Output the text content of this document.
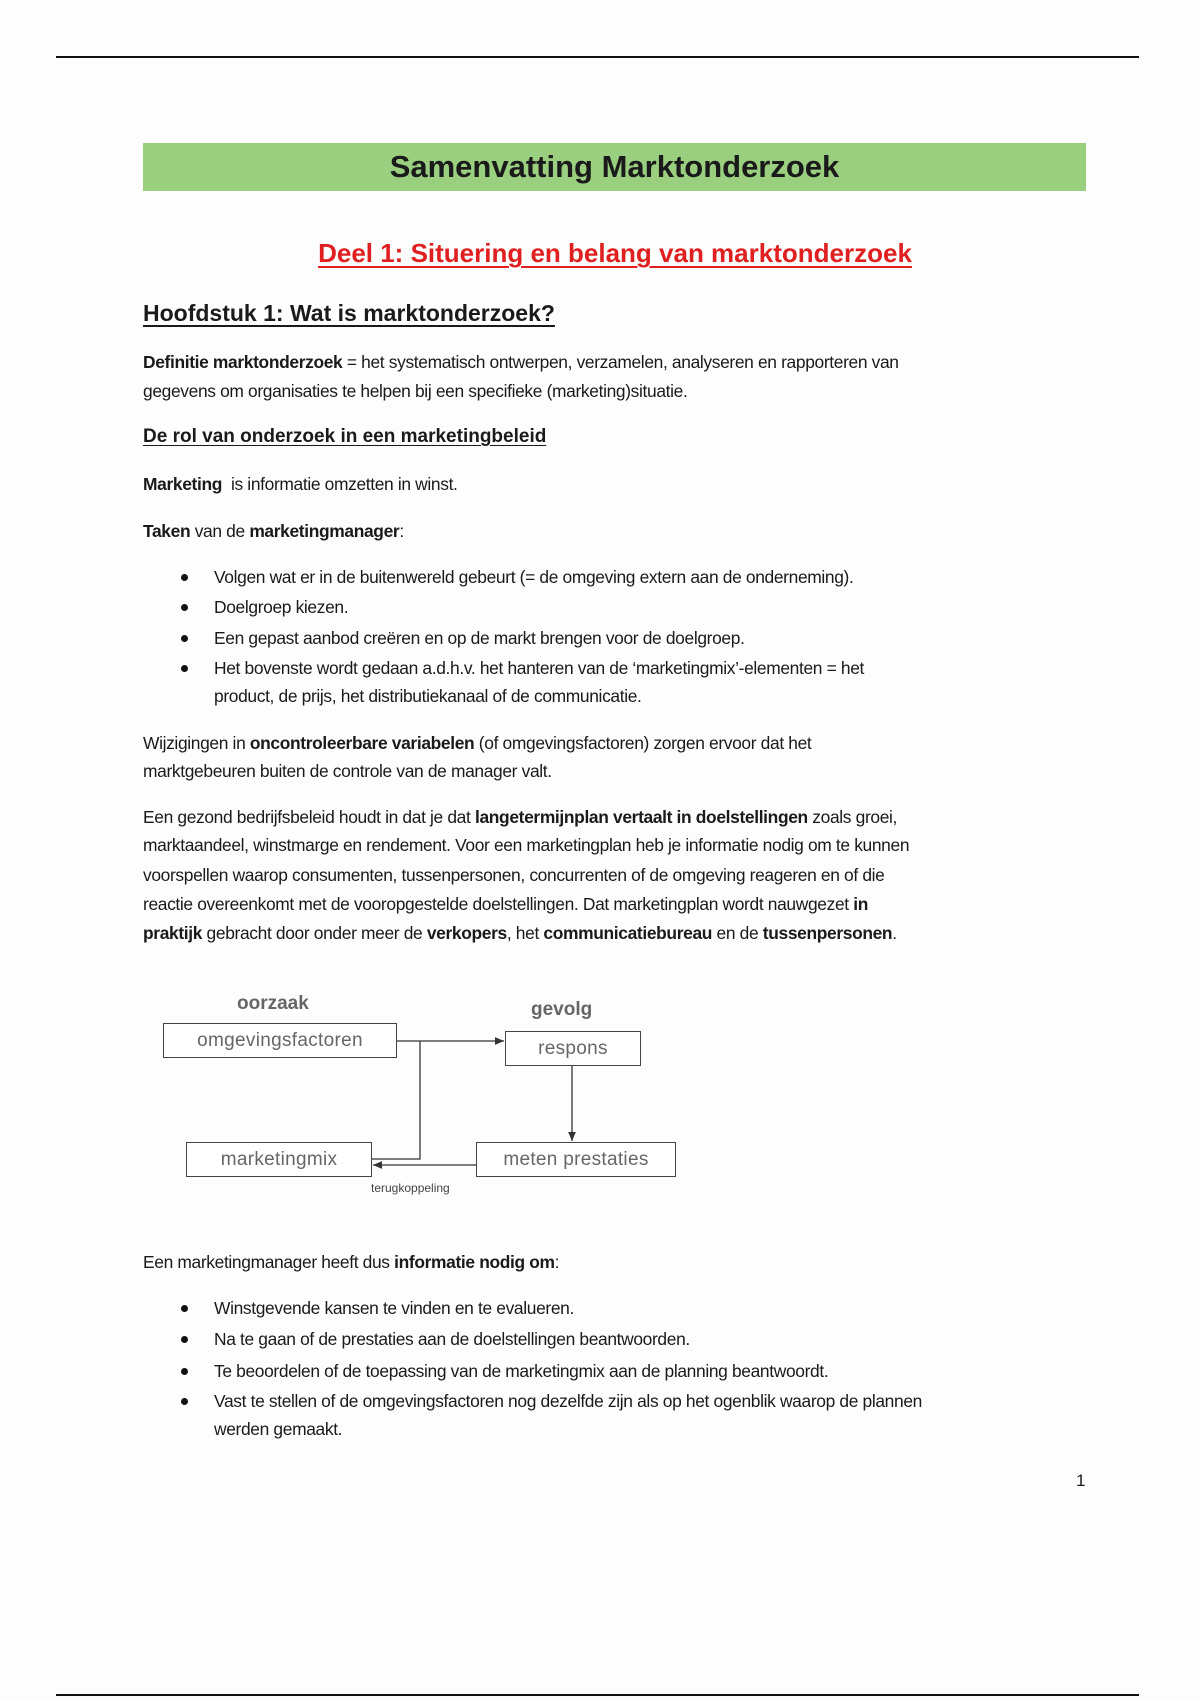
Samenvatting Marktonderzoek
Deel 1: Situering en belang van marktonderzoek
Hoofdstuk 1: Wat is marktonderzoek?
Definitie marktonderzoek = het systematisch ontwerpen, verzamelen, analyseren en rapporteren van
gegevens om organisaties te helpen bij een specifieke (marketing)situatie.
De rol van onderzoek in een marketingbeleid
Marketing  is informatie omzetten in winst.
Taken van de marketingmanager:
Volgen wat er in de buitenwereld gebeurt (= de omgeving extern aan de onderneming).
Doelgroep kiezen.
Een gepast aanbod creëren en op de markt brengen voor de doelgroep.
Het bovenste wordt gedaan a.d.h.v. het hanteren van de ‘marketingmix’-elementen = het
product, de prijs, het distributiekanaal of de communicatie.
Wijzigingen in oncontroleerbare variabelen (of omgevingsfactoren) zorgen ervoor dat het
marktgebeuren buiten de controle van de manager valt.
Een gezond bedrijfsbeleid houdt in dat je dat langetermijnplan vertaalt in doelstellingen zoals groei,
marktaandeel, winstmarge en rendement. Voor een marketingplan heb je informatie nodig om te kunnen
voorspellen waarop consumenten, tussenpersonen, concurrenten of de omgeving reageren en of die
reactie overeenkomt met de vooropgestelde doelstellingen. Dat marketingplan wordt nauwgezet in
praktijk gebracht door onder meer de verkopers, het communicatiebureau en de tussenpersonen.
oorzaak	gevolg
omgevingsfactoren	respons
marketingmix	meten prestaties
terugkoppeling
Een marketingmanager heeft dus informatie nodig om:
Winstgevende kansen te vinden en te evalueren.
Na te gaan of de prestaties aan de doelstellingen beantwoorden.
Te beoordelen of de toepassing van de marketingmix aan de planning beantwoordt.
Vast te stellen of de omgevingsfactoren nog dezelfde zijn als op het ogenblik waarop de plannen
werden gemaakt.
1
